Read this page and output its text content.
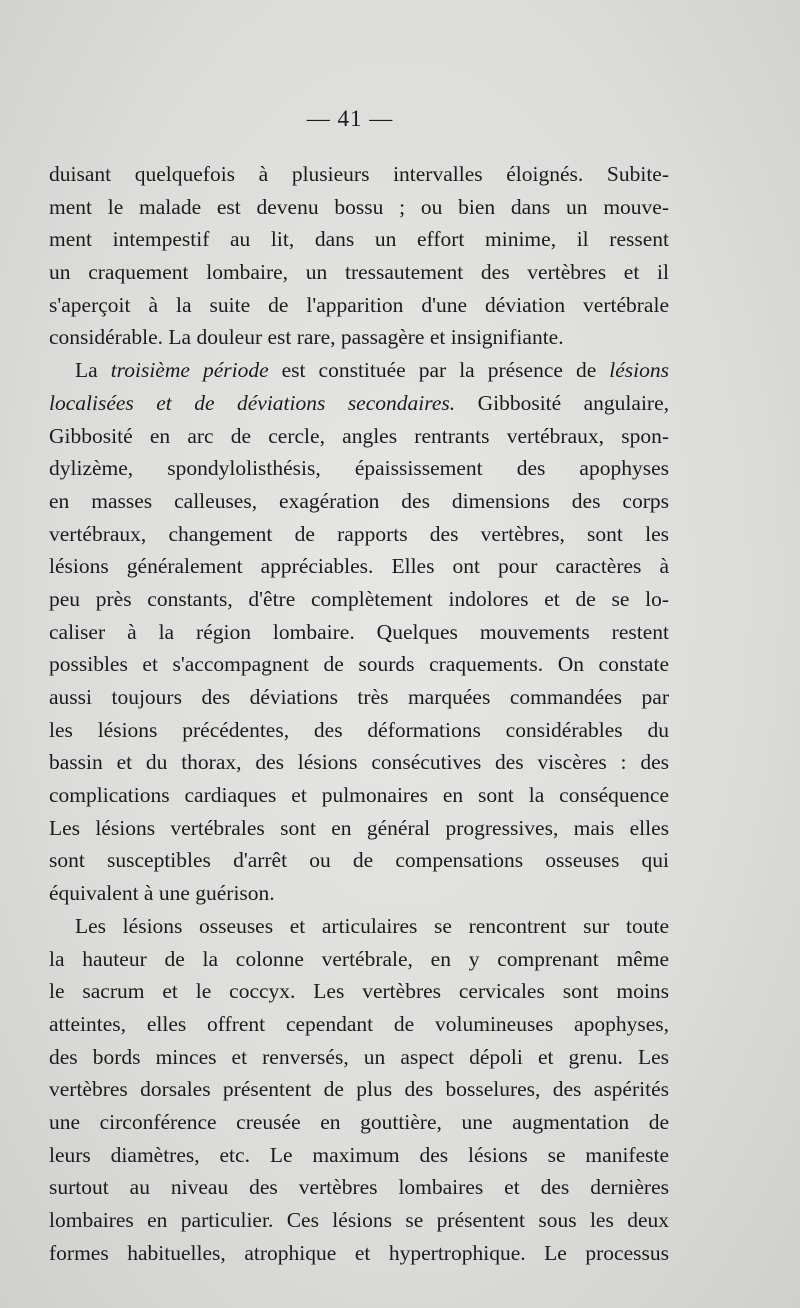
— 41 —
duisant quelquefois à plusieurs intervalles éloignés. Subite-
ment le malade est devenu bossu ; ou bien dans un mouve-
ment intempestif au lit, dans un effort minime, il ressent
un craquement lombaire, un tressautement des vertèbres et il
s'aperçoit à la suite de l'apparition d'une déviation vertébrale
considérable. La douleur est rare, passagère et insignifiante.
La troisième période est constituée par la présence de lésions
localisées et de déviations secondaires. Gibbosité angulaire,
Gibbosité en arc de cercle, angles rentrants vertébraux, spon-
dylizème, spondylolisthésis, épaississement des apophyses
en masses calleuses, exagération des dimensions des corps
vertébraux, changement de rapports des vertèbres, sont les
lésions généralement appréciables. Elles ont pour caractères à
peu près constants, d'être complètement indolores et de se lo-
caliser à la région lombaire. Quelques mouvements restent
possibles et s'accompagnent de sourds craquements. On constate
aussi toujours des déviations très marquées commandées par
les lésions précédentes, des déformations considérables du
bassin et du thorax, des lésions consécutives des viscères : des
complications cardiaques et pulmonaires en sont la conséquence
Les lésions vertébrales sont en général progressives, mais elles
sont susceptibles d'arrêt ou de compensations osseuses qui
équivalent à une guérison.
Les lésions osseuses et articulaires se rencontrent sur toute
la hauteur de la colonne vertébrale, en y comprenant même
le sacrum et le coccyx. Les vertèbres cervicales sont moins
atteintes, elles offrent cependant de volumineuses apophyses,
des bords minces et renversés, un aspect dépoli et grenu. Les
vertèbres dorsales présentent de plus des bosselures, des aspérités
une circonférence creusée en gouttière, une augmentation de
leurs diamètres, etc. Le maximum des lésions se manifeste
surtout au niveau des vertèbres lombaires et des dernières
lombaires en particulier. Ces lésions se présentent sous les deux
formes habituelles, atrophique et hypertrophique. Le processus
